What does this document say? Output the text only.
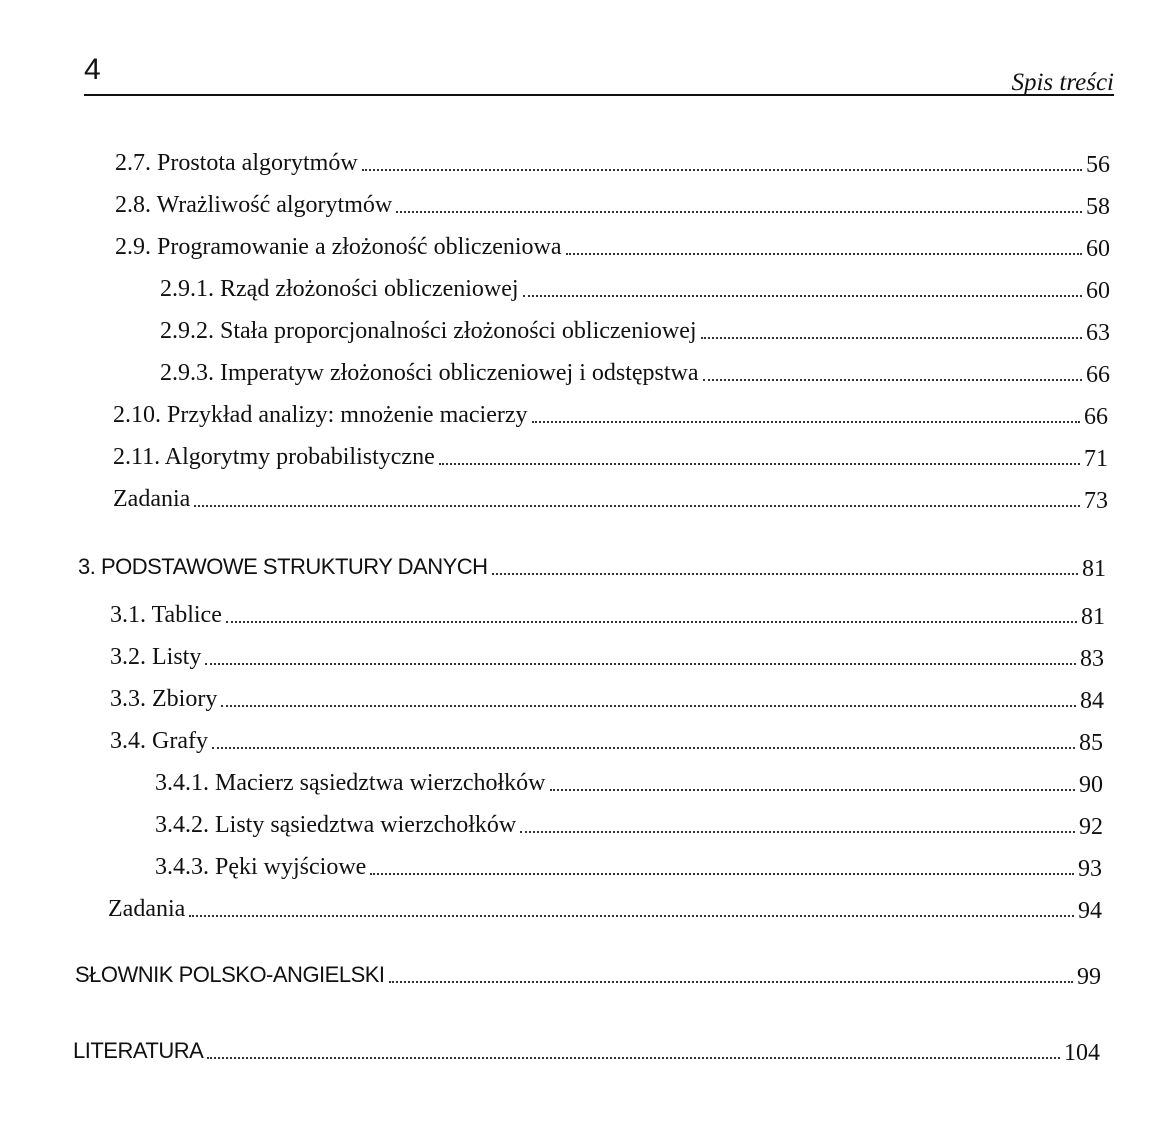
4	Spis treści
2.7. Prostota algorytmów	56
2.8. Wrażliwość algorytmów	58
2.9. Programowanie a złożoność obliczeniowa	60
2.9.1. Rząd złożoności obliczeniowej	60
2.9.2. Stała proporcjonalności złożoności obliczeniowej	63
2.9.3. Imperatyw złożoności obliczeniowej i odstępstwa	66
2.10. Przykład analizy: mnożenie macierzy	66
2.11. Algorytmy probabilistyczne	71
Zadania	73
3. PODSTAWOWE STRUKTURY DANYCH	81
3.1. Tablice	81
3.2. Listy	83
3.3. Zbiory	84
3.4. Grafy	85
3.4.1. Macierz sąsiedztwa wierzchołków	90
3.4.2. Listy sąsiedztwa wierzchołków	92
3.4.3. Pęki wyjściowe	93
Zadania	94
SŁOWNIK POLSKO-ANGIELSKI	99
LITERATURA	104
